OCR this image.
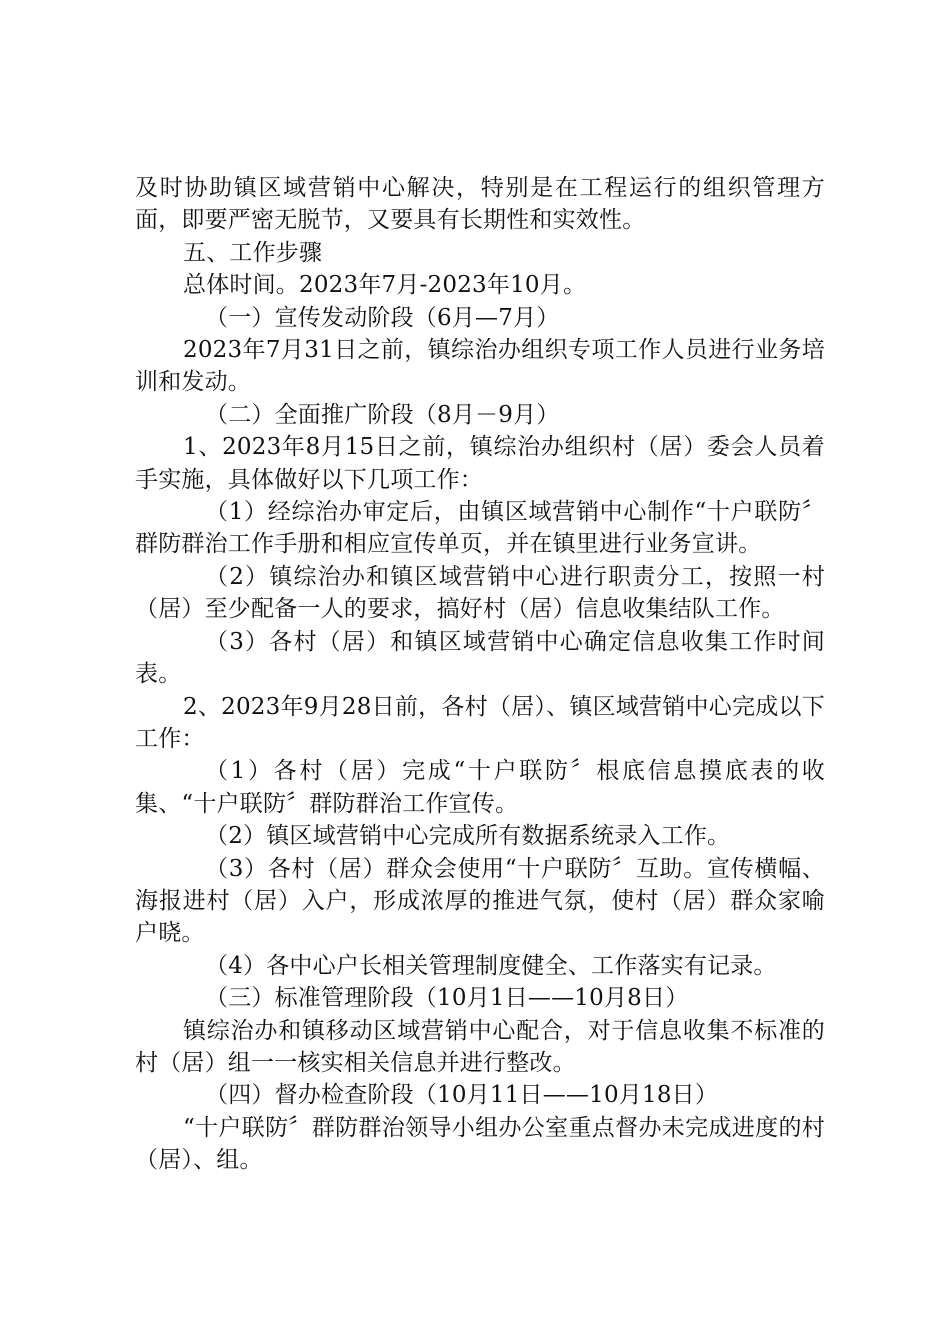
及时协助镇区域营销中心解决，特别是在工程运行的组织管理方面，即要严密无脱节，又要具有长期性和实效性。

五、工作步骤

总体时间。2023年7月-2023年10月。

（一）宣传发动阶段（6月—7月）

2023年7月31日之前，镇综治办组织专项工作人员进行业务培训和发动。

（二）全面推广阶段（8月－9月）

1、2023年8月15日之前，镇综治办组织村（居）委会人员着手实施，具体做好以下几项工作：

（1）经综治办审定后，由镇区域营销中心制作“十户联防〞群防群治工作手册和相应宣传单页，并在镇里进行业务宣讲。

（2）镇综治办和镇区域营销中心进行职责分工，按照一村（居）至少配备一人的要求，搞好村（居）信息收集结队工作。

（3）各村（居）和镇区域营销中心确定信息收集工作时间表。

2、2023年9月28日前，各村（居）、镇区域营销中心完成以下工作：

（1）各村（居）完成“十户联防〞根底信息摸底表的收集、“十户联防〞群防群治工作宣传。

（2）镇区域营销中心完成所有数据系统录入工作。

（3）各村（居）群众会使用“十户联防〞互助。宣传横幅、海报进村（居）入户，形成浓厚的推进气氛，使村（居）群众家喻户晓。

（4）各中心户长相关管理制度健全、工作落实有记录。

（三）标准管理阶段（10月1日——10月8日）

镇综治办和镇移动区域营销中心配合，对于信息收集不标准的村（居）组一一核实相关信息并进行整改。

（四）督办检查阶段（10月11日——10月18日）

“十户联防〞群防群治领导小组办公室重点督办未完成进度的村（居）、组。
